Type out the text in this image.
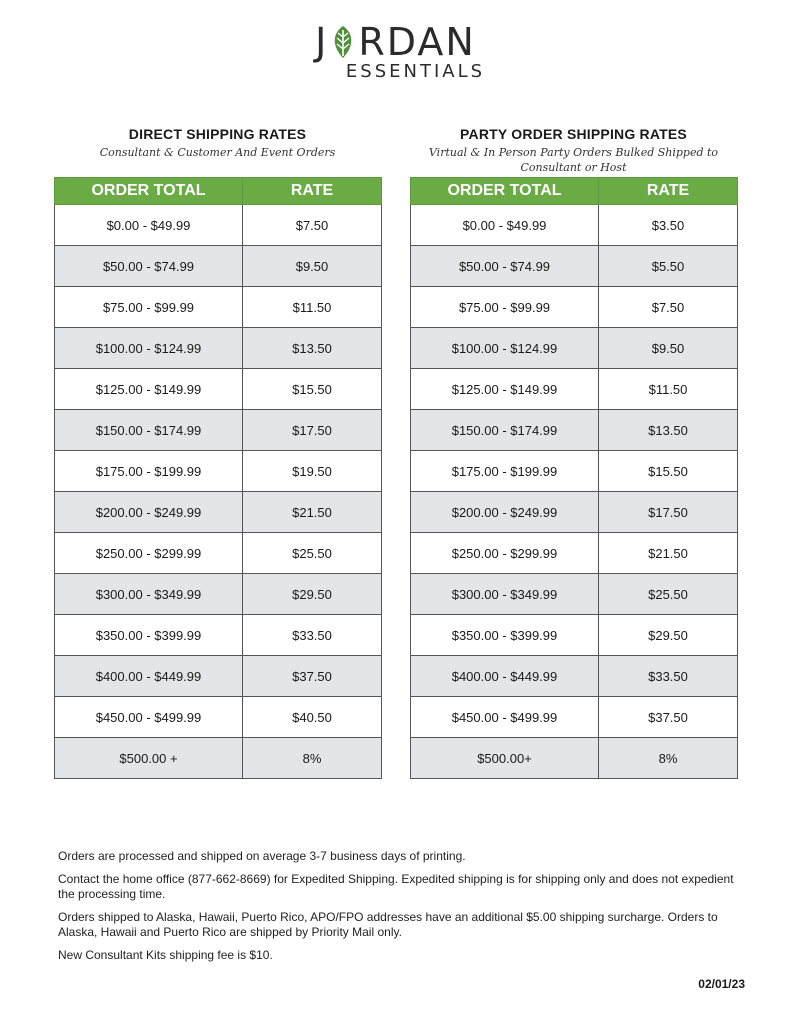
J RDAN
ESSENTIALS
DIRECT SHIPPING RATES
Consultant & Customer And Event Orders
PARTY ORDER SHIPPING RATES
Virtual & In Person Party Orders Bulked Shipped to
Consultant or Host
ORDER TOTAL	RATE
$0.00 - $49.99	$7.50
$50.00 - $74.99	$9.50
$75.00 - $99.99	$11.50
$100.00 - $124.99	$13.50
$125.00 - $149.99	$15.50
$150.00 - $174.99	$17.50
$175.00 - $199.99	$19.50
$200.00 - $249.99	$21.50
$250.00 - $299.99	$25.50
$300.00 - $349.99	$29.50
$350.00 - $399.99	$33.50
$400.00 - $449.99	$37.50
$450.00 - $499.99	$40.50
$500.00 +	8%
ORDER TOTAL	RATE
$0.00 - $49.99	$3.50
$50.00 - $74.99	$5.50
$75.00 - $99.99	$7.50
$100.00 - $124.99	$9.50
$125.00 - $149.99	$11.50
$150.00 - $174.99	$13.50
$175.00 - $199.99	$15.50
$200.00 - $249.99	$17.50
$250.00 - $299.99	$21.50
$300.00 - $349.99	$25.50
$350.00 - $399.99	$29.50
$400.00 - $449.99	$33.50
$450.00 - $499.99	$37.50
$500.00+	8%

Orders are processed and shipped on average 3-7 business days of printing.

Contact the home office (877-662-8669) for Expedited Shipping. Expedited shipping is for shipping only and does not expedient the processing time.

Orders shipped to Alaska, Hawaii, Puerto Rico, APO/FPO addresses have an additional $5.00 shipping surcharge. Orders to Alaska, Hawaii and Puerto Rico are shipped by Priority Mail only.

New Consultant Kits shipping fee is $10.

02/01/23
